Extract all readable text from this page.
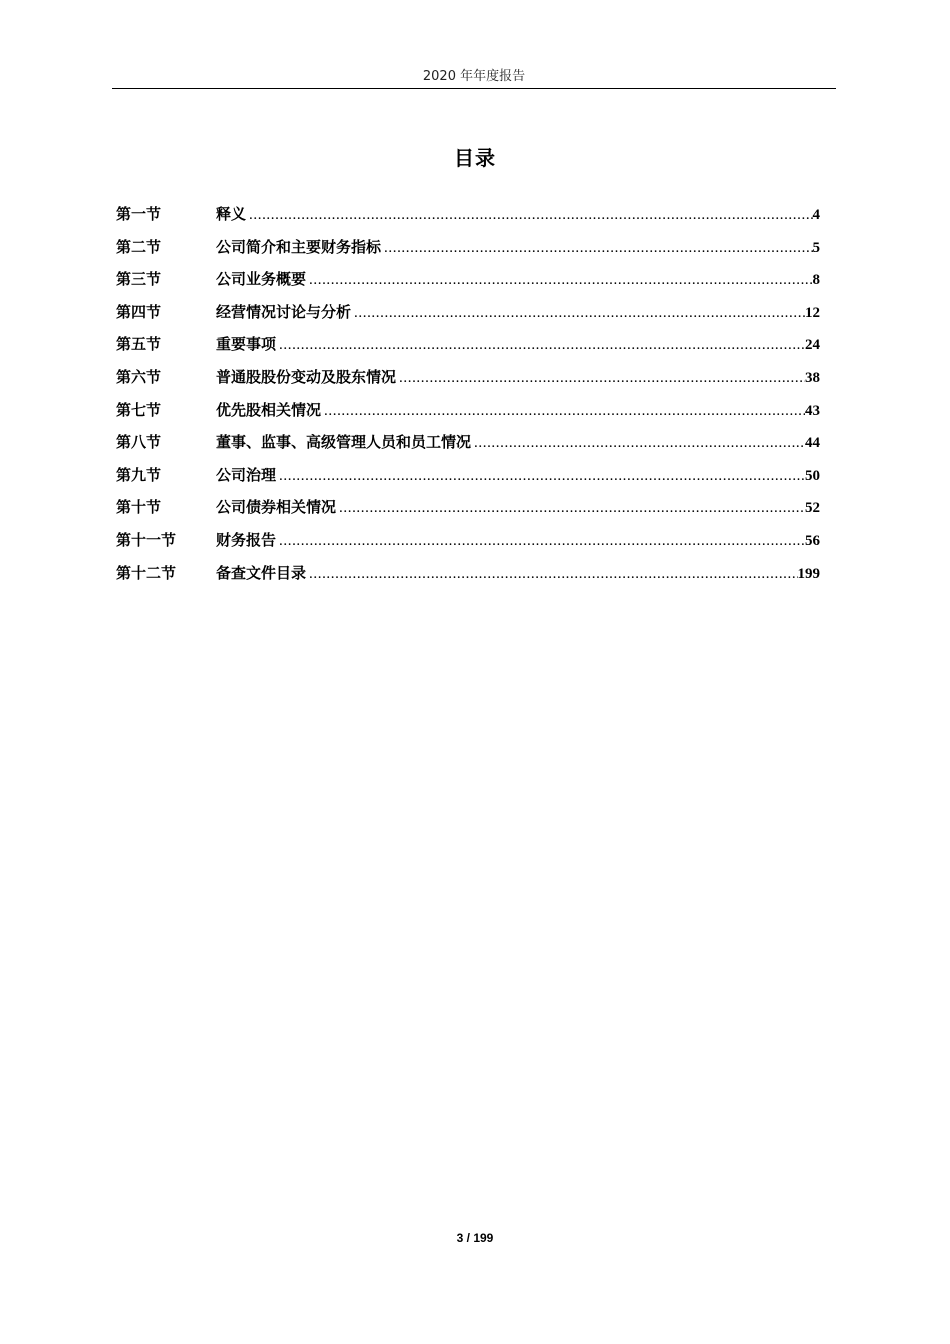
2020 年年度报告
目录
第一节	释义 .....	4
第二节	公司简介和主要财务指标 .....	5
第三节	公司业务概要 .....	8
第四节	经营情况讨论与分析 .....	12
第五节	重要事项 .....	24
第六节	普通股股份变动及股东情况 .....	38
第七节	优先股相关情况 .....	43
第八节	董事、监事、高级管理人员和员工情况 .....	44
第九节	公司治理 .....	50
第十节	公司债券相关情况 .....	52
第十一节	财务报告 .....	56
第十二节	备查文件目录 .....	199
3 / 199
